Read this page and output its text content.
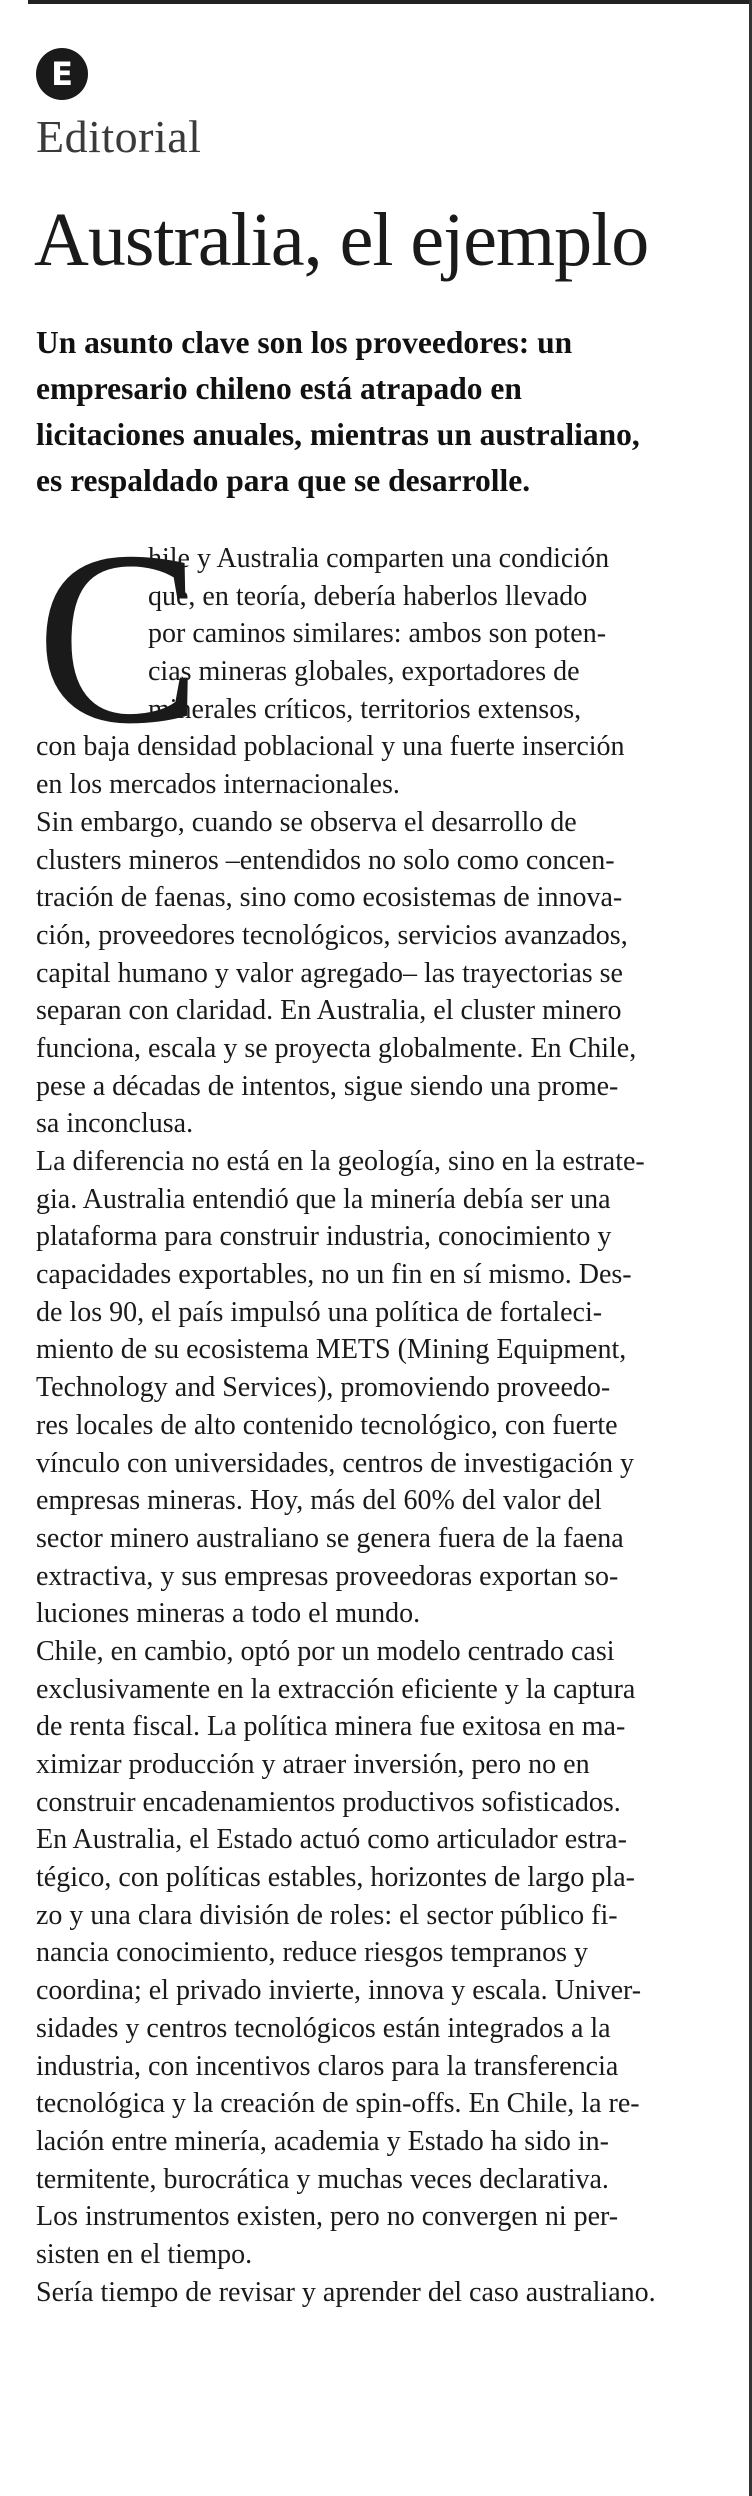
E
Editorial
Australia, el ejemplo
Un asunto clave son los proveedores: un
empresario chileno está atrapado en
licitaciones anuales, mientras un australiano,
es respaldado para que se desarrolle.
C
hile y Australia comparten una condición
que, en teoría, debería haberlos llevado
por caminos similares: ambos son poten-
cias mineras globales, exportadores de
minerales críticos, territorios extensos,
con baja densidad poblacional y una fuerte inserción
en los mercados internacionales.
Sin embargo, cuando se observa el desarrollo de
clusters mineros –entendidos no solo como concen-
tración de faenas, sino como ecosistemas de innova-
ción, proveedores tecnológicos, servicios avanzados,
capital humano y valor agregado– las trayectorias se
separan con claridad. En Australia, el cluster minero
funciona, escala y se proyecta globalmente. En Chile,
pese a décadas de intentos, sigue siendo una prome-
sa inconclusa.
La diferencia no está en la geología, sino en la estrate-
gia. Australia entendió que la minería debía ser una
plataforma para construir industria, conocimiento y
capacidades exportables, no un fin en sí mismo. Des-
de los 90, el país impulsó una política de fortaleci-
miento de su ecosistema METS (Mining Equipment,
Technology and Services), promoviendo proveedo-
res locales de alto contenido tecnológico, con fuerte
vínculo con universidades, centros de investigación y
empresas mineras. Hoy, más del 60% del valor del
sector minero australiano se genera fuera de la faena
extractiva, y sus empresas proveedoras exportan so-
luciones mineras a todo el mundo.
Chile, en cambio, optó por un modelo centrado casi
exclusivamente en la extracción eficiente y la captura
de renta fiscal. La política minera fue exitosa en ma-
ximizar producción y atraer inversión, pero no en
construir encadenamientos productivos sofisticados.
En Australia, el Estado actuó como articulador estra-
tégico, con políticas estables, horizontes de largo pla-
zo y una clara división de roles: el sector público fi-
nancia conocimiento, reduce riesgos tempranos y
coordina; el privado invierte, innova y escala. Univer-
sidades y centros tecnológicos están integrados a la
industria, con incentivos claros para la transferencia
tecnológica y la creación de spin-offs. En Chile, la re-
lación entre minería, academia y Estado ha sido in-
termitente, burocrática y muchas veces declarativa.
Los instrumentos existen, pero no convergen ni per-
sisten en el tiempo.
Sería tiempo de revisar y aprender del caso australiano.
